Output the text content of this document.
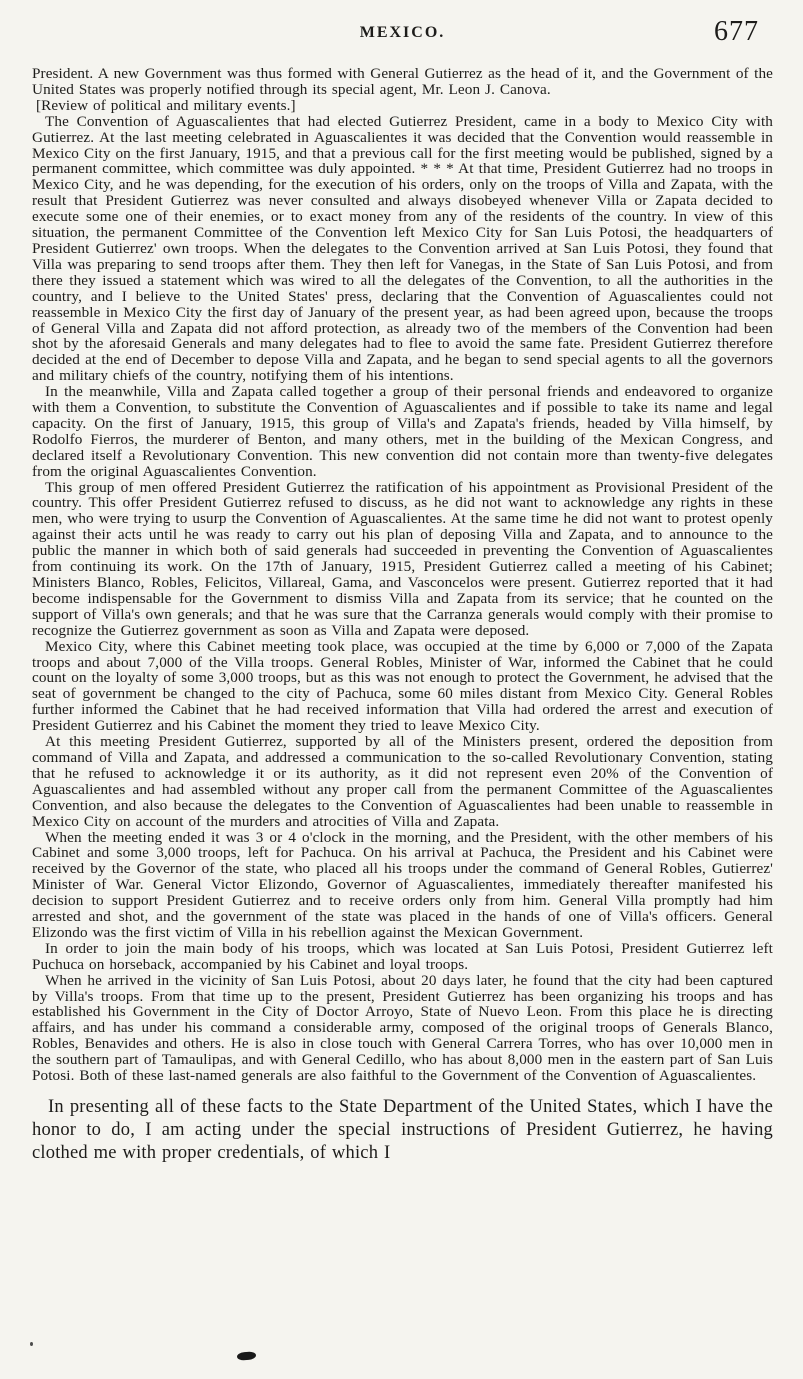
MEXICO.	677

President. A new Government was thus formed with General Gutierrez as the head of it, and the Government of the United States was properly notified through its special agent, Mr. Leon J. Canova.

[Review of political and military events.]

The Convention of Aguascalientes that had elected Gutierrez President, came in a body to Mexico City with Gutierrez. At the last meeting celebrated in Aguascalientes it was decided that the Convention would reassemble in Mexico City on the first January, 1915, and that a previous call for the first meeting would be published, signed by a permanent committee, which committee was duly appointed. * * * At that time, President Gutierrez had no troops in Mexico City, and he was depending, for the execution of his orders, only on the troops of Villa and Zapata, with the result that President Gutierrez was never consulted and always disobeyed whenever Villa or Zapata decided to execute some one of their enemies, or to exact money from any of the residents of the country. In view of this situation, the permanent Committee of the Convention left Mexico City for San Luis Potosi, the headquarters of President Gutierrez' own troops. When the delegates to the Convention arrived at San Luis Potosi, they found that Villa was preparing to send troops after them. They then left for Vanegas, in the State of San Luis Potosi, and from there they issued a statement which was wired to all the delegates of the Convention, to all the authorities in the country, and I believe to the United States' press, declaring that the Convention of Aguascalientes could not reassemble in Mexico City the first day of January of the present year, as had been agreed upon, because the troops of General Villa and Zapata did not afford protection, as already two of the members of the Convention had been shot by the aforesaid Generals and many delegates had to flee to avoid the same fate. President Gutierrez therefore decided at the end of December to depose Villa and Zapata, and he began to send special agents to all the governors and military chiefs of the country, notifying them of his intentions.

In the meanwhile, Villa and Zapata called together a group of their personal friends and endeavored to organize with them a Convention, to substitute the Convention of Aguascalientes and if possible to take its name and legal capacity. On the first of January, 1915, this group of Villa's and Zapata's friends, headed by Villa himself, by Rodolfo Fierros, the murderer of Benton, and many others, met in the building of the Mexican Congress, and declared itself a Revolutionary Convention. This new convention did not contain more than twenty-five delegates from the original Aguascalientes Convention.

This group of men offered President Gutierrez the ratification of his appointment as Provisional President of the country. This offer President Gutierrez refused to discuss, as he did not want to acknowledge any rights in these men, who were trying to usurp the Convention of Aguascalientes. At the same time he did not want to protest openly against their acts until he was ready to carry out his plan of deposing Villa and Zapata, and to announce to the public the manner in which both of said generals had succeeded in preventing the Convention of Aguascalientes from continuing its work. On the 17th of January, 1915, President Gutierrez called a meeting of his Cabinet; Ministers Blanco, Robles, Felicitos, Villareal, Gama, and Vasconcelos were present. Gutierrez reported that it had become indispensable for the Government to dismiss Villa and Zapata from its service; that he counted on the support of Villa's own generals; and that he was sure that the Carranza generals would comply with their promise to recognize the Gutierrez government as soon as Villa and Zapata were deposed.

Mexico City, where this Cabinet meeting took place, was occupied at the time by 6,000 or 7,000 of the Zapata troops and about 7,000 of the Villa troops. General Robles, Minister of War, informed the Cabinet that he could count on the loyalty of some 3,000 troops, but as this was not enough to protect the Government, he advised that the seat of government be changed to the city of Pachuca, some 60 miles distant from Mexico City. General Robles further informed the Cabinet that he had received information that Villa had ordered the arrest and execution of President Gutierrez and his Cabinet the moment they tried to leave Mexico City.

At this meeting President Gutierrez, supported by all of the Ministers present, ordered the deposition from command of Villa and Zapata, and addressed a communication to the so-called Revolutionary Convention, stating that he refused to acknowledge it or its authority, as it did not represent even 20% of the Convention of Aguascalientes and had assembled without any proper call from the permanent Committee of the Aguascalientes Convention, and also because the delegates to the Convention of Aguascalientes had been unable to reassemble in Mexico City on account of the murders and atrocities of Villa and Zapata.

When the meeting ended it was 3 or 4 o'clock in the morning, and the President, with the other members of his Cabinet and some 3,000 troops, left for Pachuca. On his arrival at Pachuca, the President and his Cabinet were received by the Governor of the state, who placed all his troops under the command of General Robles, Gutierrez' Minister of War. General Victor Elizondo, Governor of Aguascalientes, immediately thereafter manifested his decision to support President Gutierrez and to receive orders only from him. General Villa promptly had him arrested and shot, and the government of the state was placed in the hands of one of Villa's officers. General Elizondo was the first victim of Villa in his rebellion against the Mexican Government.

In order to join the main body of his troops, which was located at San Luis Potosi, President Gutierrez left Puchuca on horseback, accompanied by his Cabinet and loyal troops.

When he arrived in the vicinity of San Luis Potosi, about 20 days later, he found that the city had been captured by Villa's troops. From that time up to the present, President Gutierrez has been organizing his troops and has established his Government in the City of Doctor Arroyo, State of Nuevo Leon. From this place he is directing affairs, and has under his command a considerable army, composed of the original troops of Generals Blanco, Robles, Benavides and others. He is also in close touch with General Carrera Torres, who has over 10,000 men in the southern part of Tamaulipas, and with General Cedillo, who has about 8,000 men in the eastern part of San Luis Potosi. Both of these last-named generals are also faithful to the Government of the Convention of Aguascalientes.

In presenting all of these facts to the State Department of the United States, which I have the honor to do, I am acting under the special instructions of President Gutierrez, he having clothed me with proper credentials, of which I
